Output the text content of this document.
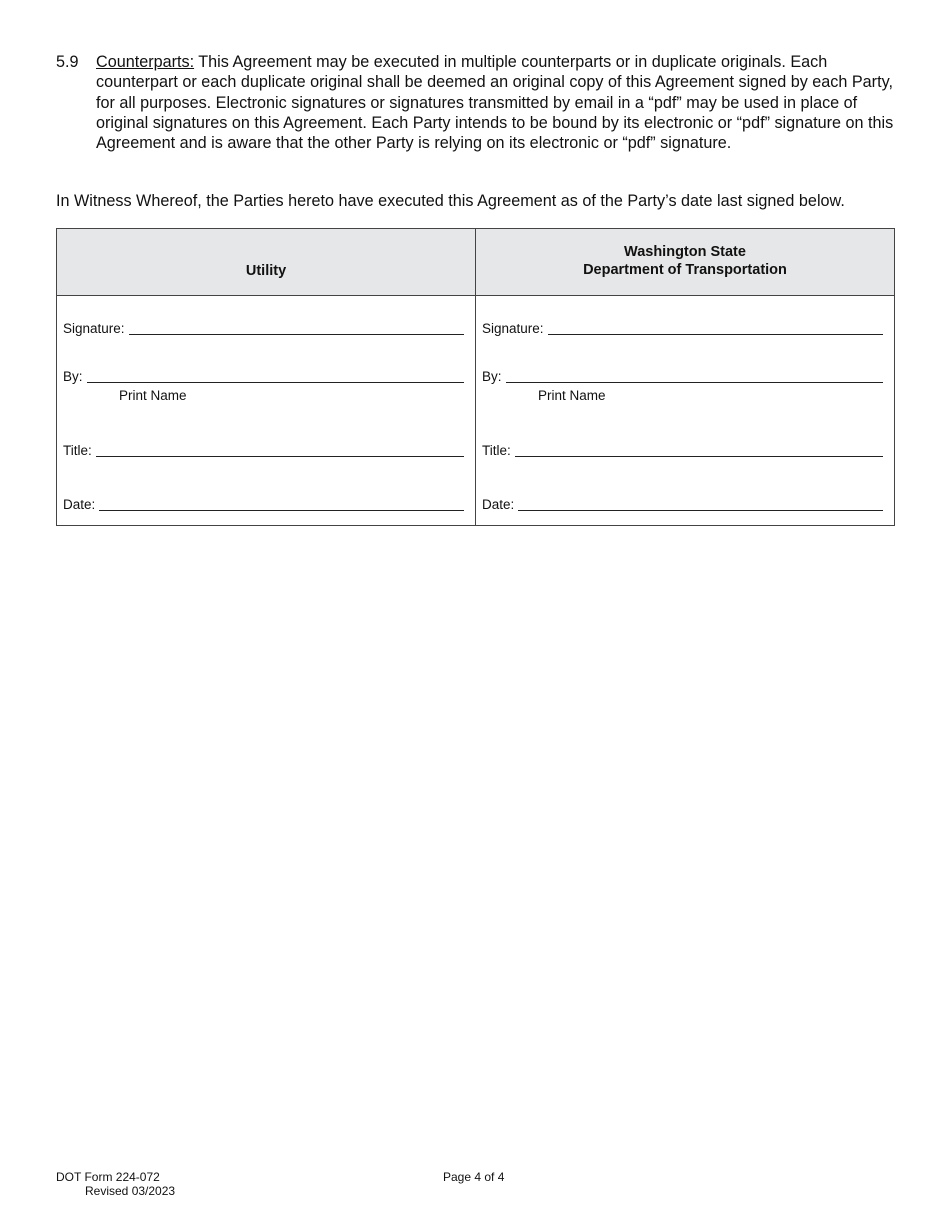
5.9 Counterparts: This Agreement may be executed in multiple counterparts or in duplicate originals. Each counterpart or each duplicate original shall be deemed an original copy of this Agreement signed by each Party, for all purposes. Electronic signatures or signatures transmitted by email in a “pdf” may be used in place of original signatures on this Agreement. Each Party intends to be bound by its electronic or “pdf” signature on this Agreement and is aware that the other Party is relying on its electronic or “pdf” signature.
In Witness Whereof, the Parties hereto have executed this Agreement as of the Party’s date last signed below.
Utility
Signature:
By:
Print Name
Title:
Date:
Washington State
Department of Transportation
Signature:
By:
Print Name
Title:
Date:
DOT Form 224-072
Revised 03/2023
Page 4 of 4
